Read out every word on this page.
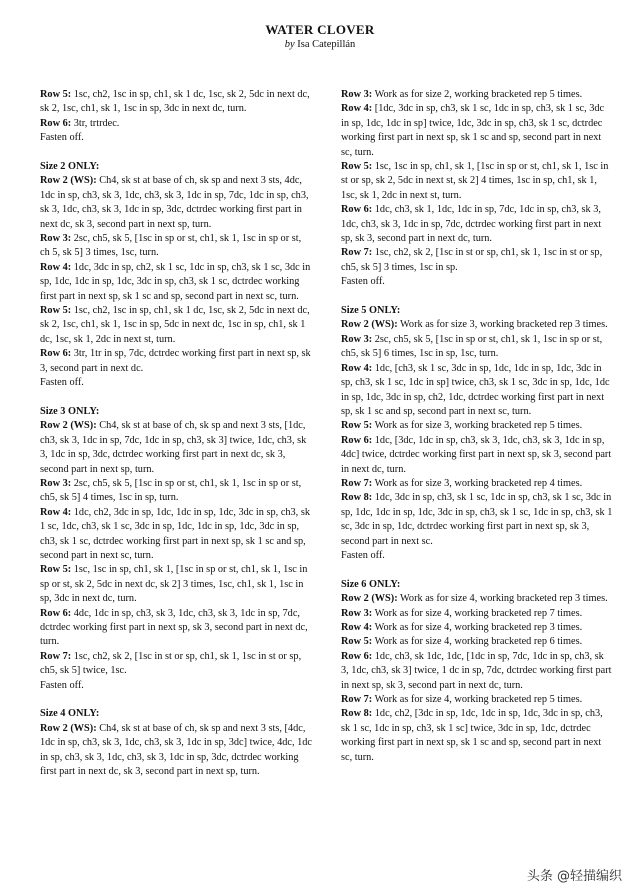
WATER CLOVER
by Isa Catepillán

Row 5: 1sc, ch2, 1sc in sp, ch1, sk 1 dc, 1sc, sk 2, 5dc in next dc, sk 2, 1sc, ch1, sk 1, 1sc in sp, 3dc in next dc, turn.

Row 6: 3tr, trtrdec.

Fasten off.

Size 2 ONLY:

Row 2 (WS): Ch4, sk st at base of ch, sk sp and next 3 sts, 4dc, 1dc in sp, ch3, sk 3, 1dc, ch3, sk 3, 1dc in sp, 7dc, 1dc in sp, ch3, sk 3, 1dc, ch3, sk 3, 1dc in sp, 3dc, dctrdec working first part in next dc, sk 3, second part in next sp, turn.

Row 3: 2sc, ch5, sk 5, [1sc in sp or st, ch1, sk 1, 1sc in sp or st, ch 5, sk 5] 3 times, 1sc, turn.

Row 4: 1dc, 3dc in sp, ch2, sk 1 sc, 1dc in sp, ch3, sk 1 sc, 3dc in sp, 1dc, 1dc in sp, 1dc, 3dc in sp, ch3, sk 1 sc, dctrdec working first part in next sp, sk 1 sc and sp, second part in next sc, turn.

Row 5: 1sc, ch2, 1sc in sp, ch1, sk 1 dc, 1sc, sk 2, 5dc in next dc, sk 2, 1sc, ch1, sk 1, 1sc in sp, 5dc in next dc, 1sc in sp, ch1, sk 1 dc, 1sc, sk 1, 2dc in next st, turn.

Row 6: 3tr, 1tr in sp, 7dc, dctrdec working first part in next sp, sk 3, second part in next dc.

Fasten off.

Size 3 ONLY:

Row 2 (WS): Ch4, sk st at base of ch, sk sp and next 3 sts, [1dc, ch3, sk 3, 1dc in sp, 7dc, 1dc in sp, ch3, sk 3] twice, 1dc, ch3, sk 3, 1dc in sp, 3dc, dctrdec working first part in next dc, sk 3, second part in next sp, turn.

Row 3: 2sc, ch5, sk 5, [1sc in sp or st, ch1, sk 1, 1sc in sp or st, ch5, sk 5] 4 times, 1sc in sp, turn.

Row 4: 1dc, ch2, 3dc in sp, 1dc, 1dc in sp, 1dc, 3dc in sp, ch3, sk 1 sc, 1dc, ch3, sk 1 sc, 3dc in sp, 1dc, 1dc in sp, 1dc, 3dc in sp, ch3, sk 1 sc, dctrdec working first part in next sp, sk 1 sc and sp, second part in next sc, turn.

Row 5: 1sc, 1sc in sp, ch1, sk 1, [1sc in sp or st, ch1, sk 1, 1sc in sp or st, sk 2, 5dc in next dc, sk 2] 3 times, 1sc, ch1, sk 1, 1sc in sp, 3dc in next dc, turn.

Row 6: 4dc, 1dc in sp, ch3, sk 3, 1dc, ch3, sk 3, 1dc in sp, 7dc, dctrdec working first part in next sp, sk 3, second part in next dc, turn.

Row 7: 1sc, ch2, sk 2, [1sc in st or sp, ch1, sk 1, 1sc in st or sp, ch5, sk 5] twice, 1sc.

Fasten off.

Size 4 ONLY:

Row 2 (WS): Ch4, sk st at base of ch, sk sp and next 3 sts, [4dc, 1dc in sp, ch3, sk 3, 1dc, ch3, sk 3, 1dc in sp, 3dc] twice, 4dc, 1dc in sp, ch3, sk 3, 1dc, ch3, sk 3, 1dc in sp, 3dc, dctrdec working first part in next dc, sk 3, second part in next sp, turn.

Row 3: Work as for size 2, working bracketed rep 5 times.

Row 4: [1dc, 3dc in sp, ch3, sk 1 sc, 1dc in sp, ch3, sk 1 sc, 3dc in sp, 1dc, 1dc in sp] twice, 1dc, 3dc in sp, ch3, sk 1 sc, dctrdec working first part in next sp, sk 1 sc and sp, second part in next sc, turn.

Row 5: 1sc, 1sc in sp, ch1, sk 1, [1sc in sp or st, ch1, sk 1, 1sc in st or sp, sk 2, 5dc in next st, sk 2] 4 times, 1sc in sp, ch1, sk 1, 1sc, sk 1, 2dc in next st, turn.

Row 6: 1dc, ch3, sk 1, 1dc, 1dc in sp, 7dc, 1dc in sp, ch3, sk 3, 1dc, ch3, sk 3, 1dc in sp, 7dc, dctrdec working first part in next sp, sk 3, second part in next dc, turn.

Row 7: 1sc, ch2, sk 2, [1sc in st or sp, ch1, sk 1, 1sc in st or sp, ch5, sk 5] 3 times, 1sc in sp.

Fasten off.

Size 5 ONLY:

Row 2 (WS): Work as for size 3, working bracketed rep 3 times.

Row 3: 2sc, ch5, sk 5, [1sc in sp or st, ch1, sk 1, 1sc in sp or st, ch5, sk 5] 6 times, 1sc in sp, 1sc, turn.

Row 4: 1dc, [ch3, sk 1 sc, 3dc in sp, 1dc, 1dc in sp, 1dc, 3dc in sp, ch3, sk 1 sc, 1dc in sp] twice, ch3, sk 1 sc, 3dc in sp, 1dc, 1dc in sp, 1dc, 3dc in sp, ch2, 1dc, dctrdec working first part in next sp, sk 1 sc and sp, second part in next sc, turn.

Row 5: Work as for size 3, working bracketed rep 5 times.

Row 6: 1dc, [3dc, 1dc in sp, ch3, sk 3, 1dc, ch3, sk 3, 1dc in sp, 4dc] twice, dctrdec working first part in next sp, sk 3, second part in next dc, turn.

Row 7: Work as for size 3, working bracketed rep 4 times.

Row 8: 1dc, 3dc in sp, ch3, sk 1 sc, 1dc in sp, ch3, sk 1 sc, 3dc in sp, 1dc, 1dc in sp, 1dc, 3dc in sp, ch3, sk 1 sc, 1dc in sp, ch3, sk 1 sc, 3dc in sp, 1dc, dctrdec working first part in next sp, sk 3, second part in next sc.

Fasten off.

Size 6 ONLY:

Row 2 (WS): Work as for size 4, working bracketed rep 3 times.

Row 3: Work as for size 4, working bracketed rep 7 times.

Row 4: Work as for size 4, working bracketed rep 3 times.

Row 5: Work as for size 4, working bracketed rep 6 times.

Row 6: 1dc, ch3, sk 1dc, 1dc, [1dc in sp, 7dc, 1dc in sp, ch3, sk 3, 1dc, ch3, sk 3] twice, 1 dc in sp, 7dc, dctrdec working first part in next sp, sk 3, second part in next dc, turn.

Row 7: Work as for size 4, working bracketed rep 5 times.

Row 8: 1dc, ch2, [3dc in sp, 1dc, 1dc in sp, 1dc, 3dc in sp, ch3, sk 1 sc, 1dc in sp, ch3, sk 1 sc] twice, 3dc in sp, 1dc, dctrdec working first part in next sp, sk 1 sc and sp, second part in next sc, turn.

头条 @轻描编织
